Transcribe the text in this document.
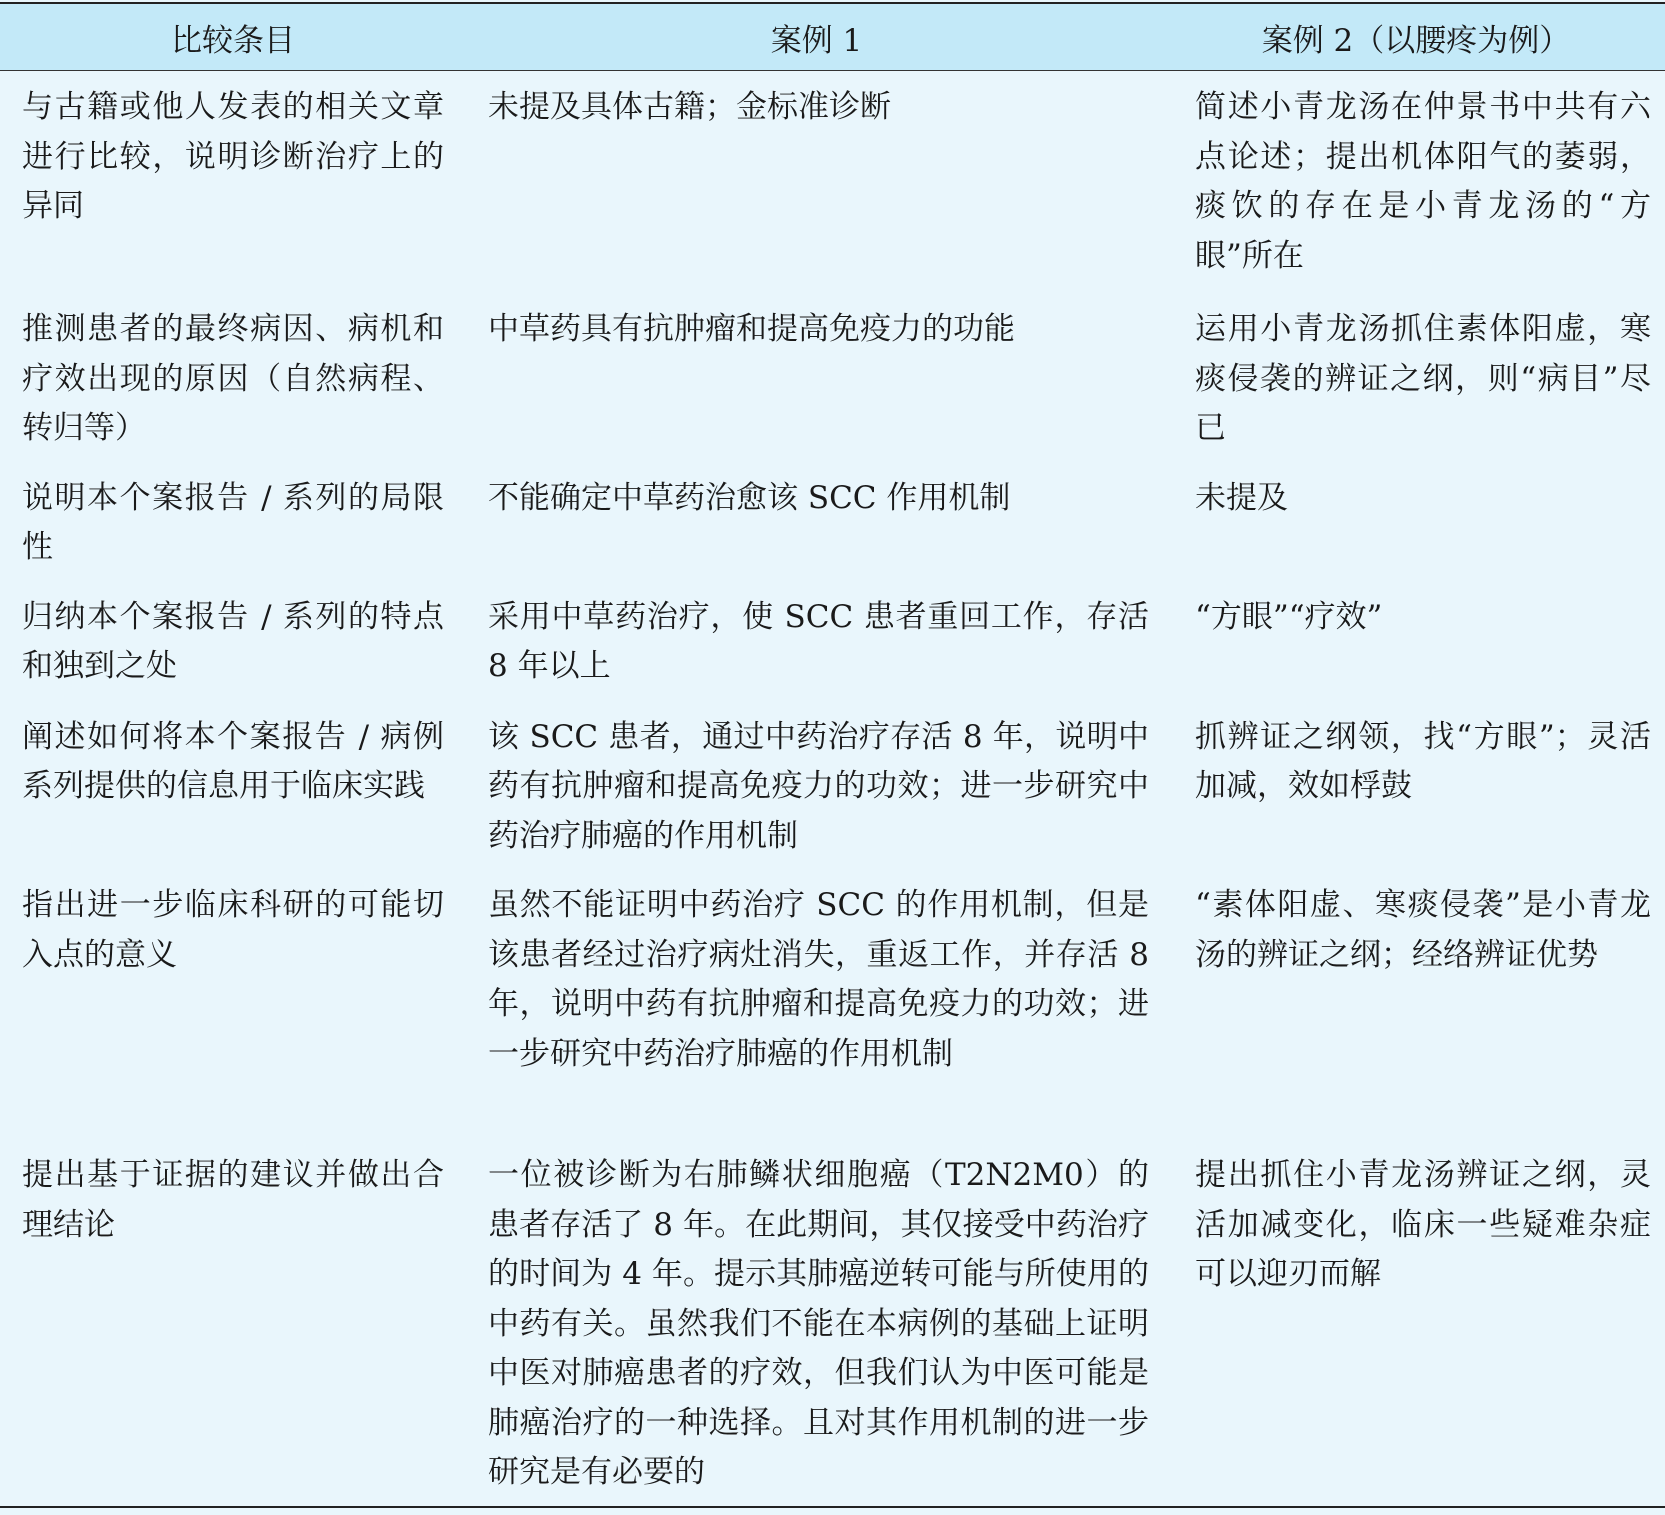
比较条目	案例 1	案例 2（以腰疼为例）
与古籍或他人发表的相关文章进行比较，说明诊断治疗上的异同	未提及具体古籍；金标准诊断	简述小青龙汤在仲景书中共有六点论述；提出机体阳气的萎弱，痰饮的存在是小青龙汤的“方眼”所在
推测患者的最终病因、病机和疗效出现的原因（自然病程、转归等）	中草药具有抗肿瘤和提高免疫力的功能	运用小青龙汤抓住素体阳虚，寒痰侵袭的辨证之纲，则“病目”尽已
说明本个案报告 / 系列的局限性	不能确定中草药治愈该 SCC 作用机制	未提及
归纳本个案报告 / 系列的特点和独到之处	采用中草药治疗，使 SCC 患者重回工作，存活 8 年以上	“方眼”“疗效”
阐述如何将本个案报告 / 病例系列提供的信息用于临床实践	该 SCC 患者，通过中药治疗存活 8 年，说明中药有抗肿瘤和提高免疫力的功效；进一步研究中药治疗肺癌的作用机制	抓辨证之纲领，找“方眼”；灵活加减，效如桴鼓
指出进一步临床科研的可能切入点的意义	虽然不能证明中药治疗 SCC 的作用机制，但是该患者经过治疗病灶消失，重返工作，并存活 8 年，说明中药有抗肿瘤和提高免疫力的功效；进一步研究中药治疗肺癌的作用机制	“素体阳虚、寒痰侵袭”是小青龙汤的辨证之纲；经络辨证优势
提出基于证据的建议并做出合理结论	一位被诊断为右肺鳞状细胞癌（T2N2M0）的患者存活了 8 年。在此期间，其仅接受中药治疗的时间为 4 年。提示其肺癌逆转可能与所使用的中药有关。虽然我们不能在本病例的基础上证明中医对肺癌患者的疗效，但我们认为中医可能是肺癌治疗的一种选择。且对其作用机制的进一步研究是有必要的	提出抓住小青龙汤辨证之纲，灵活加减变化，临床一些疑难杂症可以迎刃而解
